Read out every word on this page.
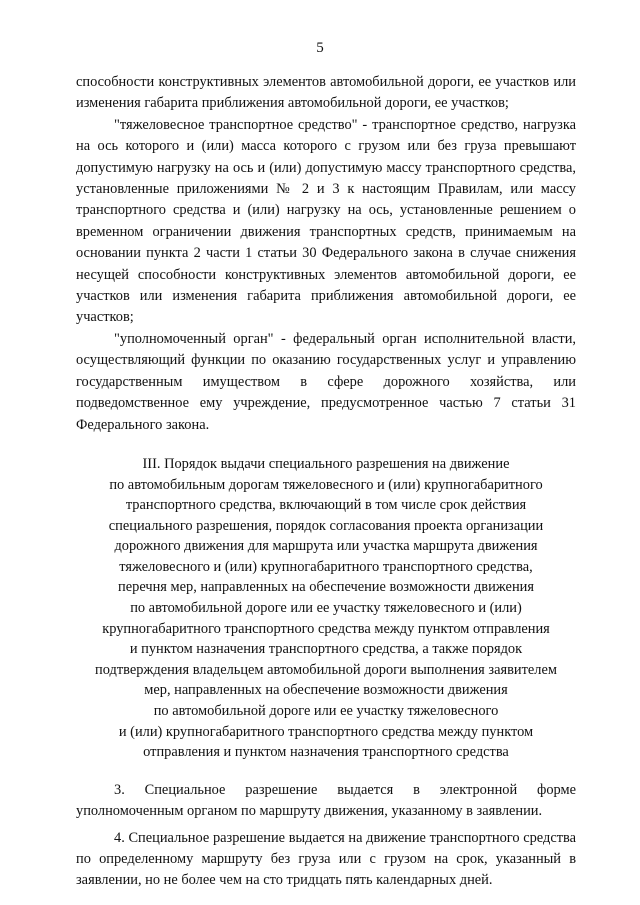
5

способности конструктивных элементов автомобильной дороги, ее участков или изменения габарита приближения автомобильной дороги, ее участков;

"тяжеловесное транспортное средство" - транспортное средство, нагрузка на ось которого и (или) масса которого с грузом или без груза превышают допустимую нагрузку на ось и (или) допустимую массу транспортного средства, установленные приложениями № 2 и 3 к настоящим Правилам, или массу транспортного средства и (или) нагрузку на ось, установленные решением о временном ограничении движения транспортных средств, принимаемым на основании пункта 2 части 1 статьи 30 Федерального закона в случае снижения несущей способности конструктивных элементов автомобильной дороги, ее участков или изменения габарита приближения автомобильной дороги, ее участков;

"уполномоченный орган" - федеральный орган исполнительной власти, осуществляющий функции по оказанию государственных услуг и управлению государственным имуществом в сфере дорожного хозяйства, или подведомственное ему учреждение, предусмотренное частью 7 статьи 31 Федерального закона.

III. Порядок выдачи специального разрешения на движение
по автомобильным дорогам тяжеловесного и (или) крупногабаритного
транспортного средства, включающий в том числе срок действия
специального разрешения, порядок согласования проекта организации
дорожного движения для маршрута или участка маршрута движения
тяжеловесного и (или) крупногабаритного транспортного средства,
перечня мер, направленных на обеспечение возможности движения
по автомобильной дороге или ее участку тяжеловесного и (или)
крупногабаритного транспортного средства между пунктом отправления
и пунктом назначения транспортного средства, а также порядок
подтверждения владельцем автомобильной дороги выполнения заявителем
мер, направленных на обеспечение возможности движения
по автомобильной дороге или ее участку тяжеловесного
и (или) крупногабаритного транспортного средства между пунктом
отправления и пунктом назначения транспортного средства

3. Специальное разрешение выдается в электронной форме уполномоченным органом по маршруту движения, указанному в заявлении.

4. Специальное разрешение выдается на движение транспортного средства по определенному маршруту без груза или с грузом на срок, указанный в заявлении, но не более чем на сто тридцать пять календарных дней.
